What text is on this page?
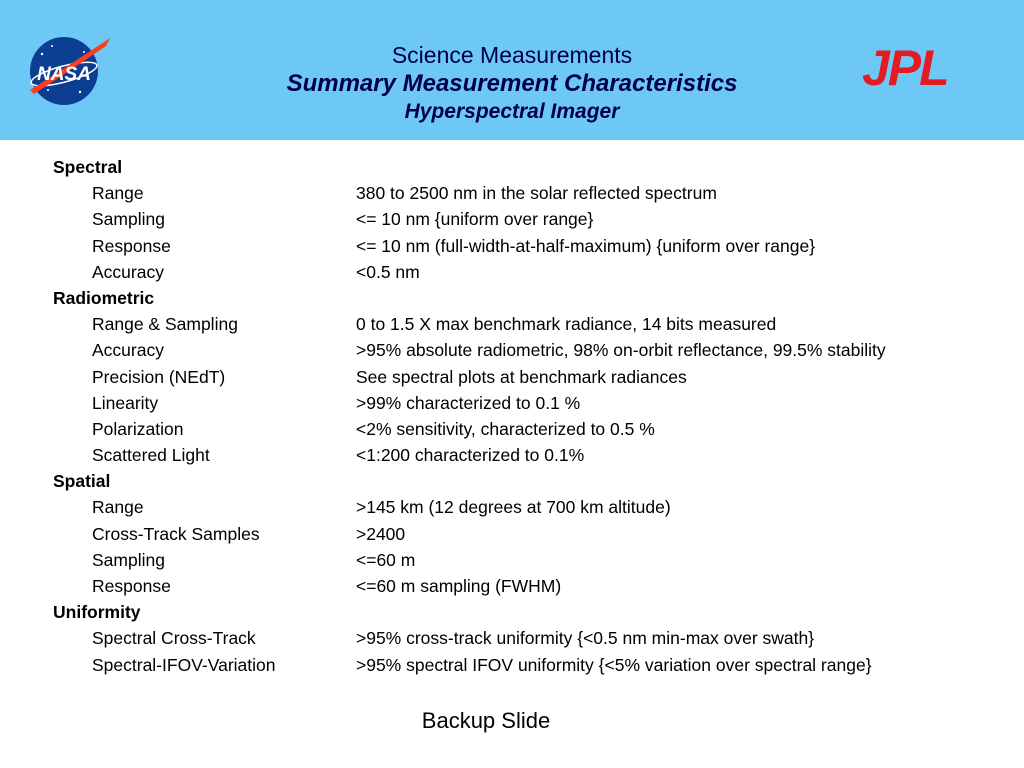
NASA	JPL
Science Measurements
Summary Measurement Characteristics
Hyperspectral Imager
Spectral
Range	380 to 2500 nm in the solar reflected spectrum
Sampling	<= 10 nm {uniform over range}
Response	<= 10 nm (full-width-at-half-maximum) {uniform over range}
Accuracy	<0.5 nm
Radiometric
Range & Sampling	0 to 1.5 X max benchmark radiance, 14 bits measured
Accuracy	>95% absolute radiometric, 98% on-orbit reflectance, 99.5% stability
Precision (NEdT)	See spectral plots at benchmark radiances
Linearity	>99% characterized to 0.1 %
Polarization	<2% sensitivity, characterized to 0.5 %
Scattered Light	<1:200 characterized to 0.1%
Spatial
Range	>145 km (12 degrees at 700 km altitude)
Cross-Track Samples	>2400
Sampling	<=60 m
Response	<=60 m sampling (FWHM)
Uniformity
Spectral Cross-Track	>95% cross-track uniformity {<0.5 nm min-max over swath}
Spectral-IFOV-Variation	>95% spectral IFOV uniformity {<5% variation over spectral range}
Backup Slide
